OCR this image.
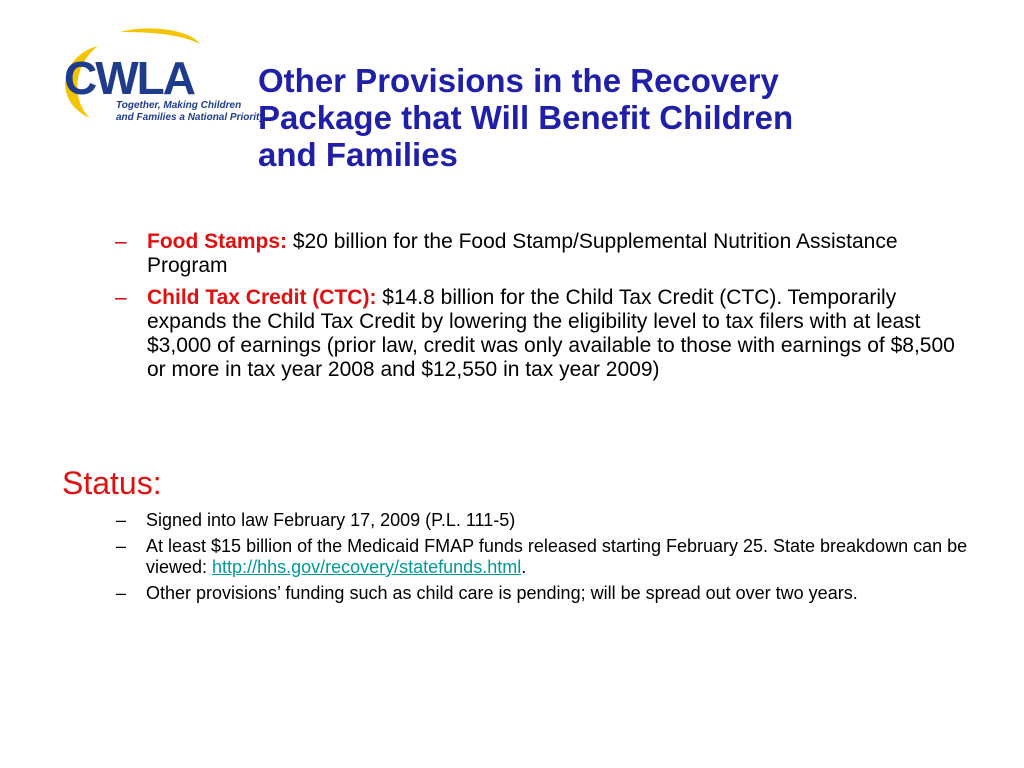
CWLA
Together, Making Children
and Families a National Priority
Other Provisions in the Recovery
Package that Will Benefit Children
and Families
– Food Stamps: $20 billion for the Food Stamp/Supplemental Nutrition Assistance Program
– Child Tax Credit (CTC): $14.8 billion for the Child Tax Credit (CTC). Temporarily expands the Child Tax Credit by lowering the eligibility level to tax filers with at least $3,000 of earnings (prior law, credit was only available to those with earnings of $8,500 or more in tax year 2008 and $12,550 in tax year 2009)
Status:
– Signed into law February 17, 2009 (P.L. 111-5)
– At least $15 billion of the Medicaid FMAP funds released starting February 25. State breakdown can be viewed: http://hhs.gov/recovery/statefunds.html.
– Other provisions’ funding such as child care is pending; will be spread out over two years.
